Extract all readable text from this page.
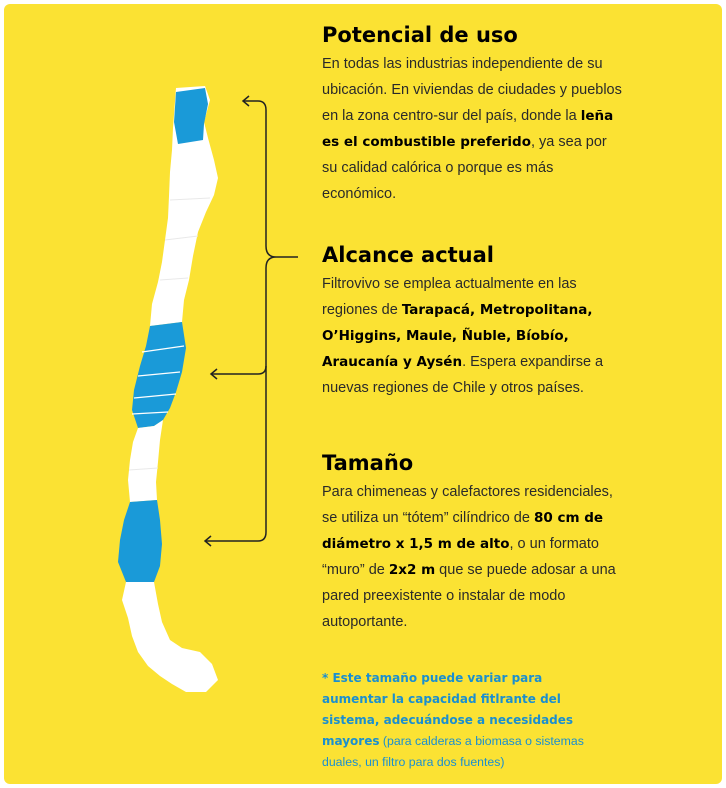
Potencial de uso

En todas las industrias independiente de su ubicación. En viviendas de ciudades y pueblos en la zona centro-sur del país, donde la leña es el combustible preferido, ya sea por su calidad calórica o porque es más económico.

Alcance actual

Filtrovivo se emplea actualmente en las regiones de Tarapacá, Metropolitana, O’Higgins, Maule, Ñuble, Bíobío, Araucanía y Aysén. Espera expandirse a nuevas regiones de Chile y otros países.

Tamaño

Para chimeneas y calefactores residenciales, se utiliza un “tótem” cilíndrico de 80 cm de diámetro x 1,5 m de alto, o un formato “muro” de 2x2 m que se puede adosar a una pared preexistente o instalar de modo autoportante.

* Este tamaño puede variar para aumentar la capacidad fitlrante del sistema, adecuándose a necesidades mayores (para calderas a biomasa o sistemas duales, un filtro para dos fuentes)
